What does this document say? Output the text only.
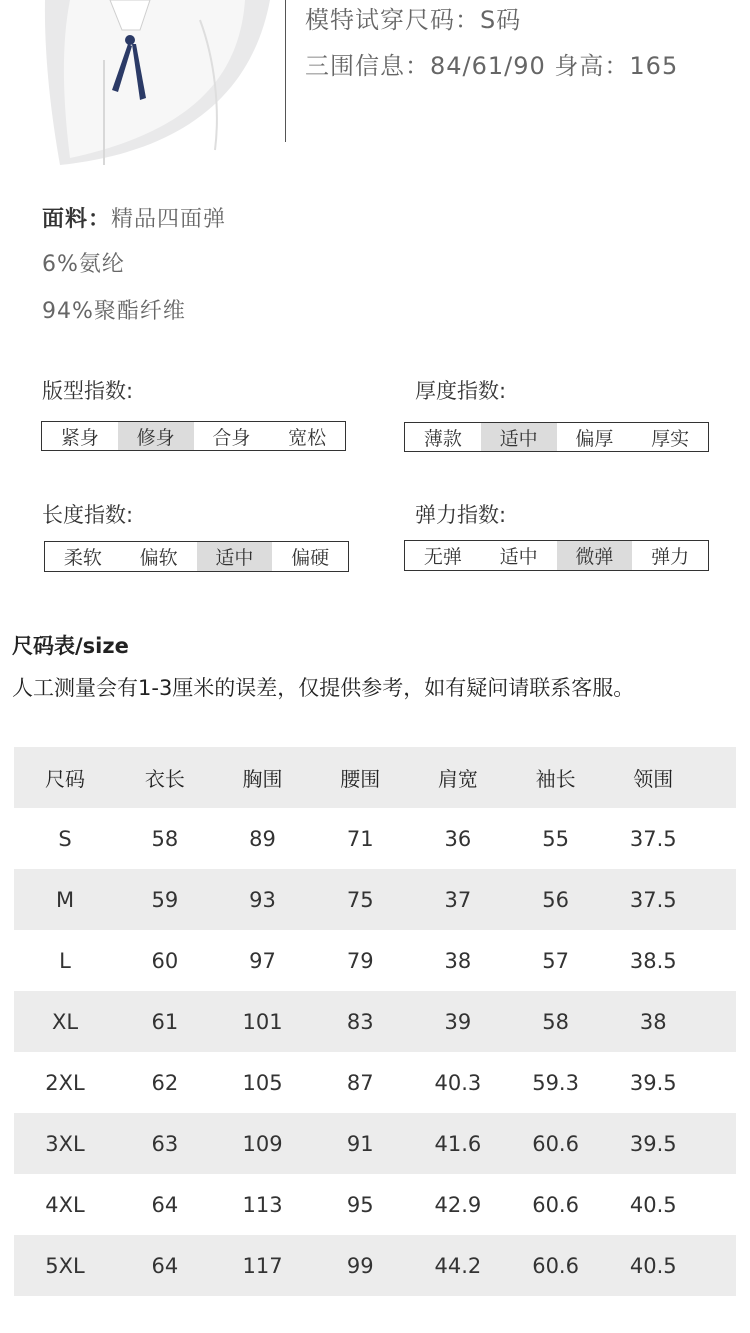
模特试穿尺码：S码
三围信息：84/61/90 身高：165
面料：精品四面弹
6%氨纶
94%聚酯纤维
版型指数:
紧身	修身	合身	宽松
厚度指数:
薄款	适中	偏厚	厚实
长度指数:
柔软	偏软	适中	偏硬
弹力指数:
无弹	适中	微弹	弹力
尺码表/size
人工测量会有1-3厘米的误差，仅提供参考，如有疑问请联系客服。
尺码	衣长	胸围	腰围	肩宽	袖长	领围
S	58	89	71	36	55	37.5
M	59	93	75	37	56	37.5
L	60	97	79	38	57	38.5
XL	61	101	83	39	58	38
2XL	62	105	87	40.3	59.3	39.5
3XL	63	109	91	41.6	60.6	39.5
4XL	64	113	95	42.9	60.6	40.5
5XL	64	117	99	44.2	60.6	40.5
